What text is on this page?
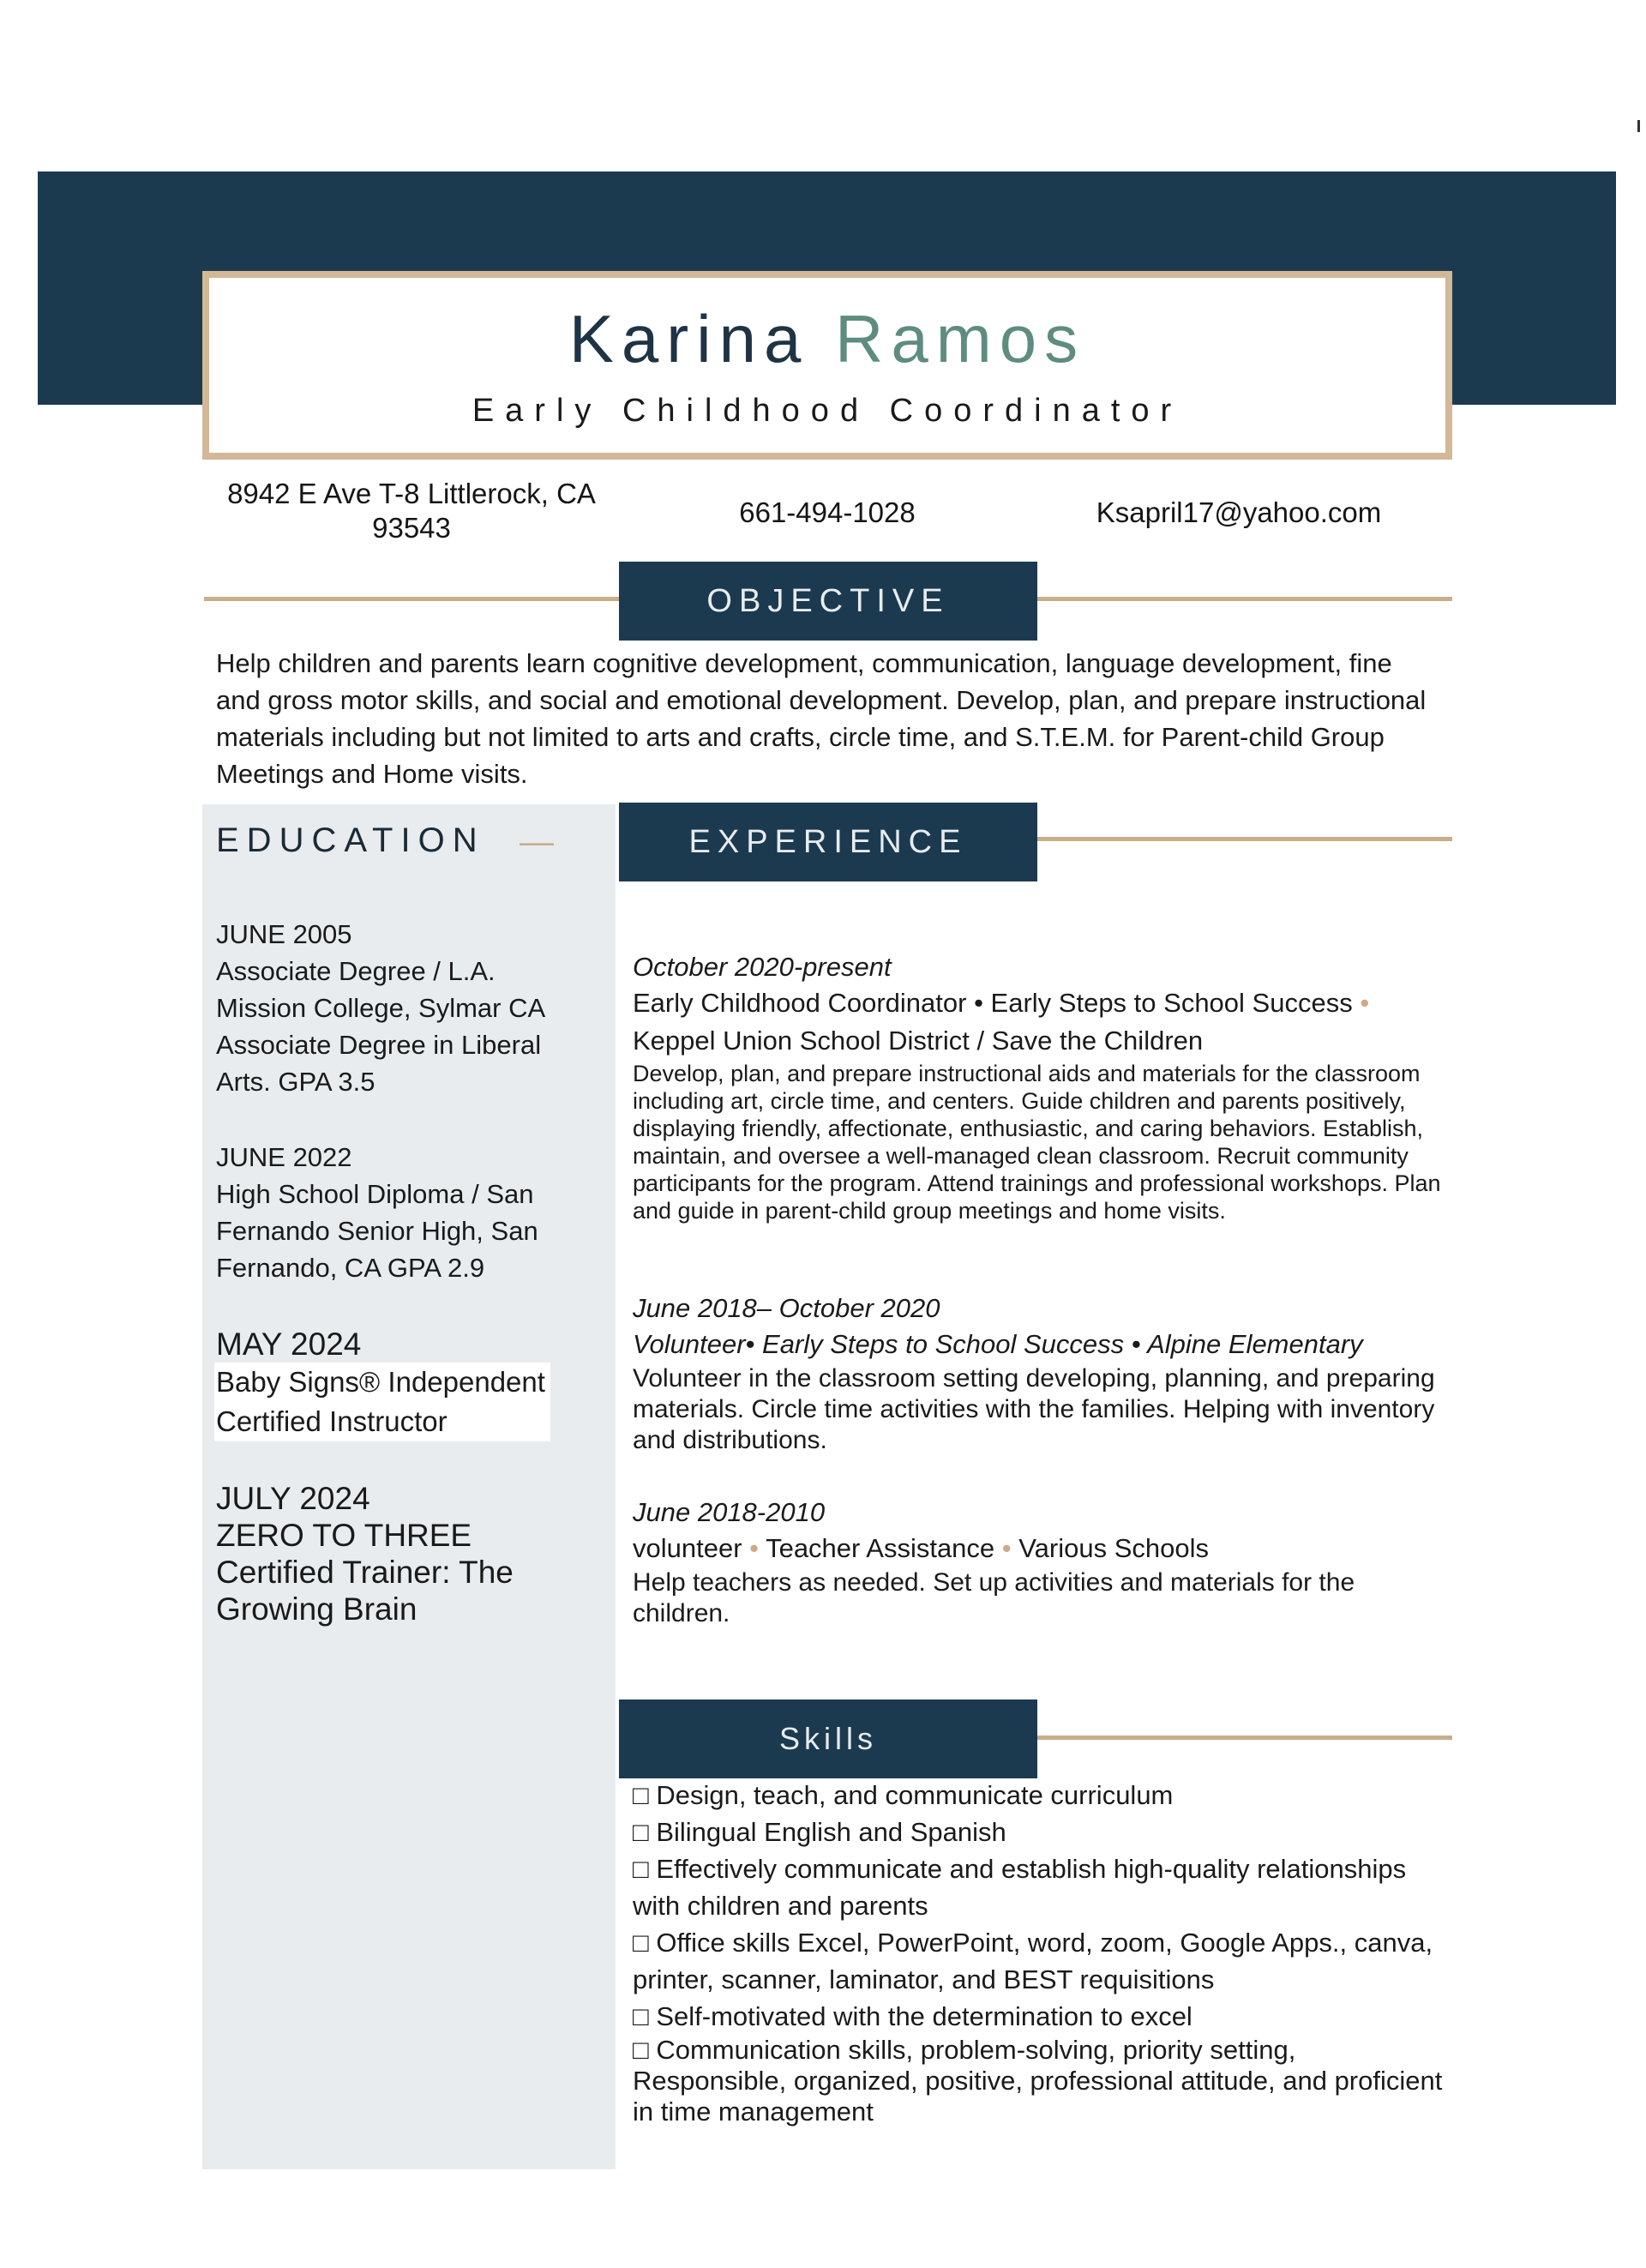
Karina Ramos
Early Childhood Coordinator
8942 E Ave T-8 Littlerock, CA 93543	661-494-1028	Ksapril17@yahoo.com
OBJECTIVE
Help children and parents learn cognitive development, communication, language development, fine and gross motor skills, and social and emotional development. Develop, plan, and prepare instructional materials including but not limited to arts and crafts, circle time, and S.T.E.M. for Parent-child Group Meetings and Home visits.
EDUCATION —
JUNE 2005
Associate Degree / L.A. Mission College, Sylmar CA Associate Degree in Liberal Arts. GPA 3.5
JUNE 2022
High School Diploma / San Fernando Senior High, San Fernando, CA GPA 2.9
MAY 2024
Baby Signs® Independent Certified Instructor
JULY 2024
ZERO TO THREE Certified Trainer: The Growing Brain
EXPERIENCE
October 2020-present
Early Childhood Coordinator • Early Steps to School Success •
Keppel Union School District / Save the Children
Develop, plan, and prepare instructional aids and materials for the classroom including art, circle time, and centers. Guide children and parents positively, displaying friendly, affectionate, enthusiastic, and caring behaviors. Establish, maintain, and oversee a well-managed clean classroom. Recruit community participants for the program. Attend trainings and professional workshops. Plan and guide in parent-child group meetings and home visits.
June 2018– October 2020
Volunteer• Early Steps to School Success • Alpine Elementary
Volunteer in the classroom setting developing, planning, and preparing materials. Circle time activities with the families. Helping with inventory and distributions.
June 2018-2010
volunteer • Teacher Assistance • Various Schools
Help teachers as needed. Set up activities and materials for the children.
Skills
□ Design, teach, and communicate curriculum
□ Bilingual English and Spanish
□ Effectively communicate and establish high-quality relationships with children and parents
□ Office skills Excel, PowerPoint, word, zoom, Google Apps., canva, printer, scanner, laminator, and BEST requisitions
□ Self-motivated with the determination to excel
□ Communication skills, problem-solving, priority setting, Responsible, organized, positive, professional attitude, and proficient in time management
